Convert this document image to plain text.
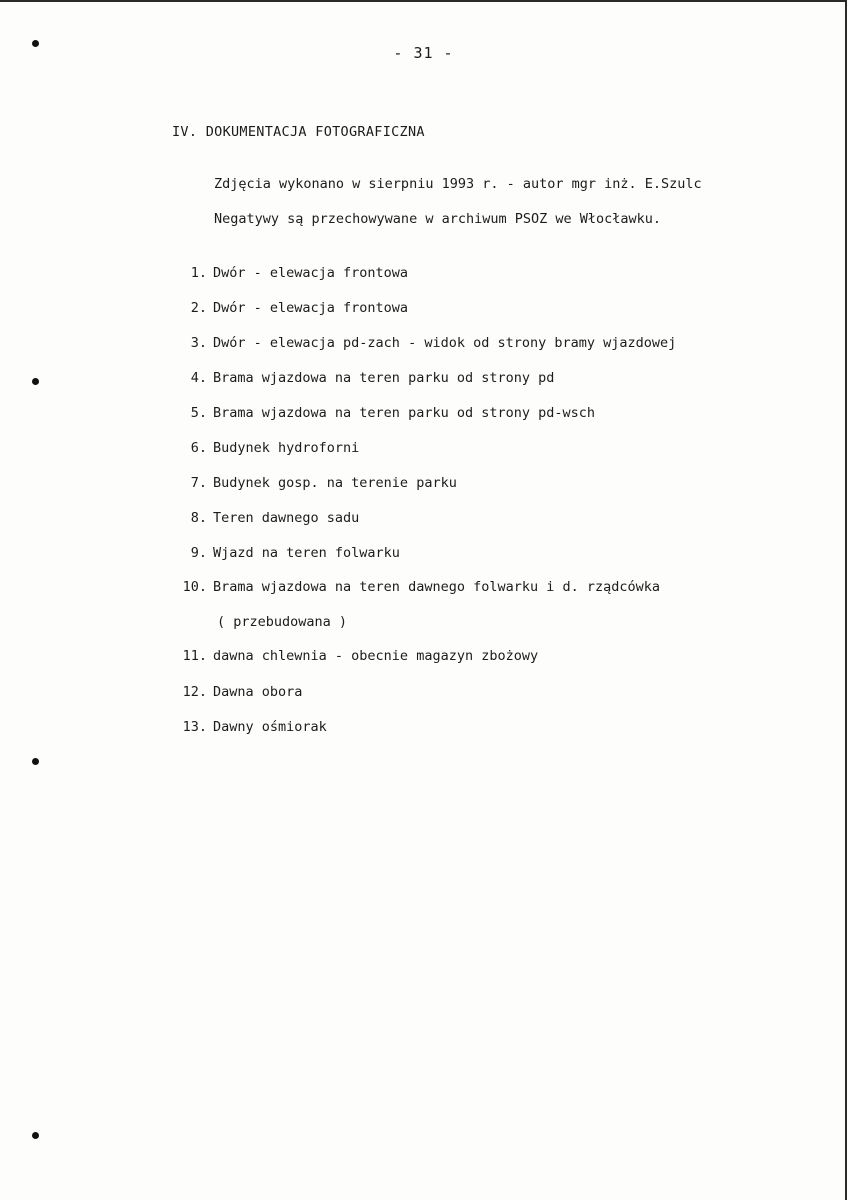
- 31 -
IV. DOKUMENTACJA FOTOGRAFICZNA
Zdjęcia wykonano w sierpniu 1993 r. - autor mgr inż. E.Szulc
Negatywy są przechowywane w archiwum PSOZ we Włocławku.
1. Dwór - elewacja frontowa
2. Dwór - elewacja frontowa
3. Dwór - elewacja pd-zach - widok od strony bramy wjazdowej
4. Brama wjazdowa na teren parku od strony pd
5. Brama wjazdowa na teren parku od strony pd-wsch
6. Budynek hydroforni
7. Budynek gosp. na terenie parku
8. Teren dawnego sadu
9. Wjazd na teren folwarku
10. Brama wjazdowa na teren dawnego folwarku i d. rządcówka
( przebudowana )
11. dawna chlewnia - obecnie magazyn zbożowy
12. Dawna obora
13. Dawny ośmiorak
